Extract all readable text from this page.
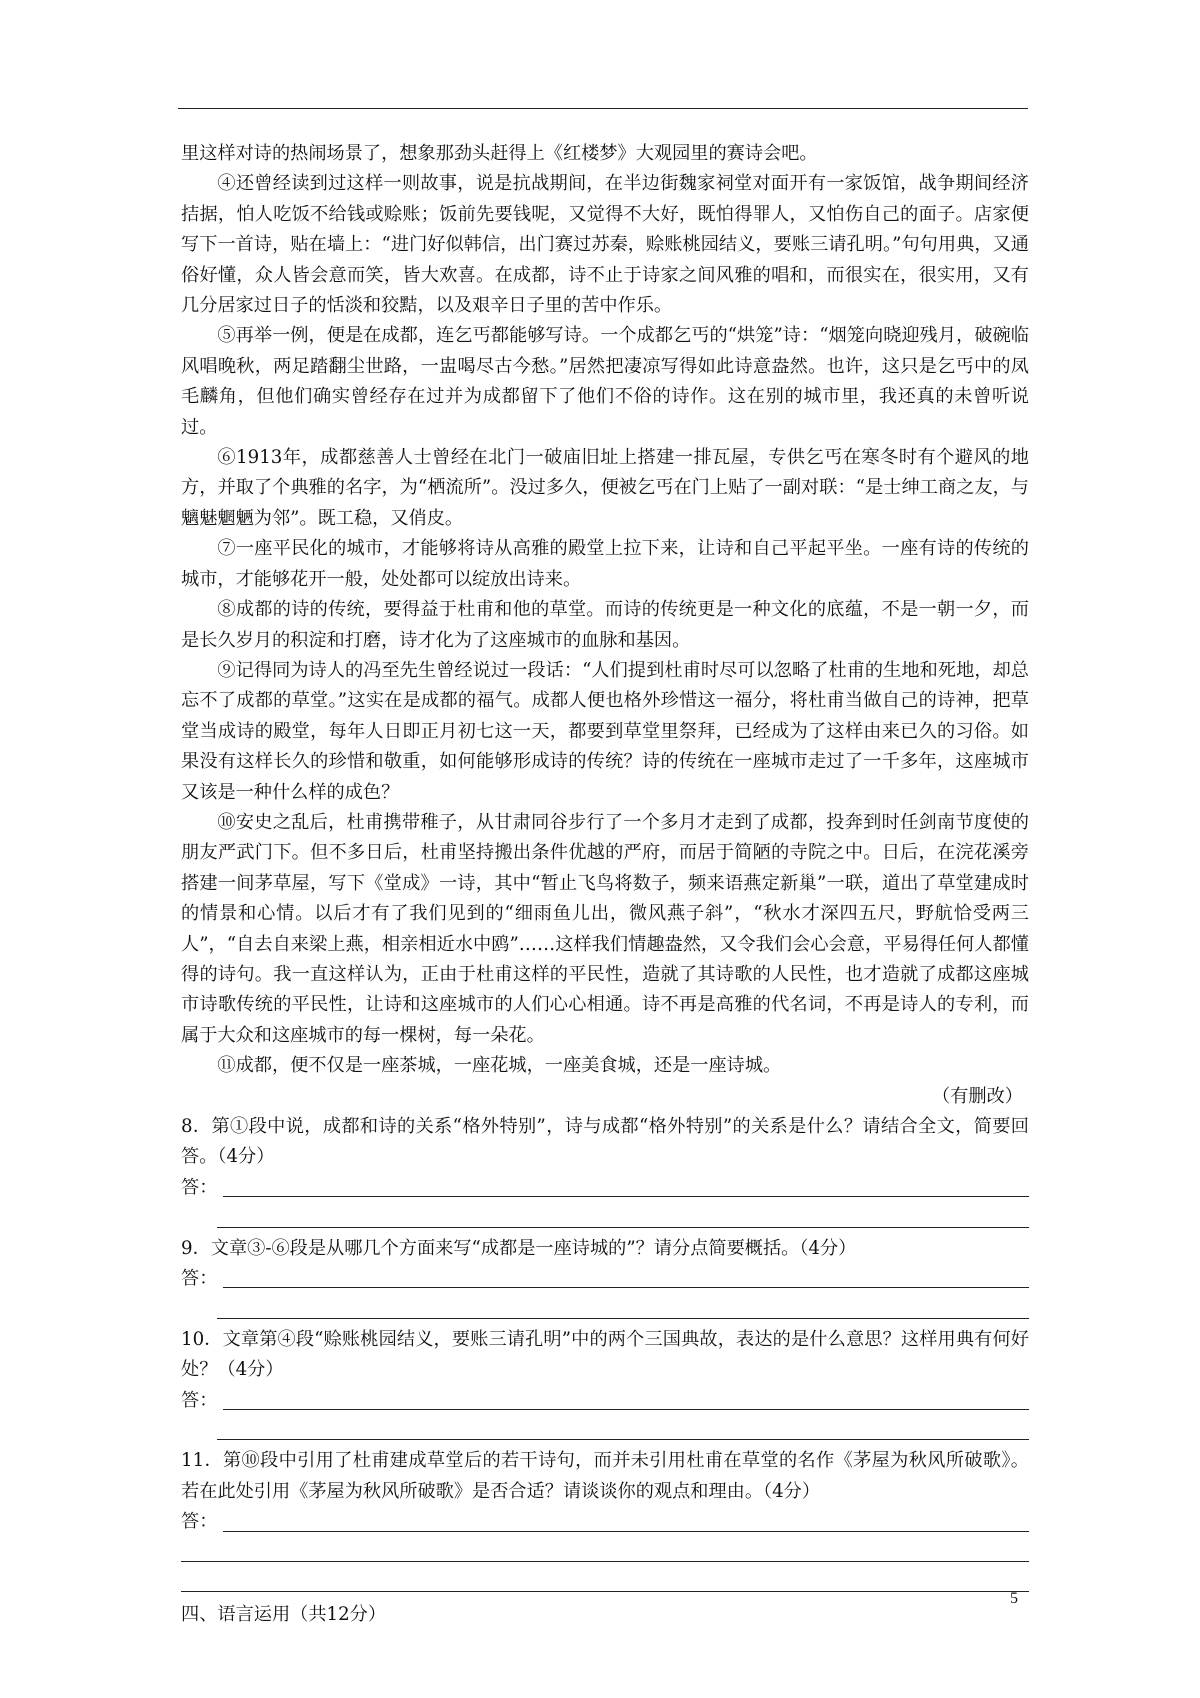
里这样对诗的热闹场景了，想象那劲头赶得上《红楼梦》大观园里的赛诗会吧。

④还曾经读到过这样一则故事，说是抗战期间，在半边街魏家祠堂对面开有一家饭馆，战争期间经济拮据，怕人吃饭不给钱或赊账；饭前先要钱呢，又觉得不大好，既怕得罪人，又怕伤自己的面子。店家便写下一首诗，贴在墙上：“进门好似韩信，出门赛过苏秦，赊账桃园结义，要账三请孔明。”句句用典，又通俗好懂，众人皆会意而笑，皆大欢喜。在成都，诗不止于诗家之间风雅的唱和，而很实在，很实用，又有几分居家过日子的恬淡和狡黠，以及艰辛日子里的苦中作乐。

⑤再举一例，便是在成都，连乞丐都能够写诗。一个成都乞丐的“烘笼”诗：“烟笼向晓迎残月，破碗临风唱晚秋，两足踏翻尘世路，一盅喝尽古今愁。”居然把凄凉写得如此诗意盎然。也许，这只是乞丐中的凤毛麟角，但他们确实曾经存在过并为成都留下了他们不俗的诗作。这在别的城市里，我还真的未曾听说过。

⑥1913年，成都慈善人士曾经在北门一破庙旧址上搭建一排瓦屋，专供乞丐在寒冬时有个避风的地方，并取了个典雅的名字，为“栖流所”。没过多久，便被乞丐在门上贴了一副对联：“是士绅工商之友，与魑魅魍魉为邻”。既工稳，又俏皮。

⑦一座平民化的城市，才能够将诗从高雅的殿堂上拉下来，让诗和自己平起平坐。一座有诗的传统的城市，才能够花开一般，处处都可以绽放出诗来。

⑧成都的诗的传统，要得益于杜甫和他的草堂。而诗的传统更是一种文化的底蕴，不是一朝一夕，而是长久岁月的积淀和打磨，诗才化为了这座城市的血脉和基因。

⑨记得同为诗人的冯至先生曾经说过一段话：“人们提到杜甫时尽可以忽略了杜甫的生地和死地，却总忘不了成都的草堂。”这实在是成都的福气。成都人便也格外珍惜这一福分，将杜甫当做自己的诗神，把草堂当成诗的殿堂，每年人日即正月初七这一天，都要到草堂里祭拜，已经成为了这样由来已久的习俗。如果没有这样长久的珍惜和敬重，如何能够形成诗的传统？诗的传统在一座城市走过了一千多年，这座城市又该是一种什么样的成色？

⑩安史之乱后，杜甫携带稚子，从甘肃同谷步行了一个多月才走到了成都，投奔到时任剑南节度使的朋友严武门下。但不多日后，杜甫坚持搬出条件优越的严府，而居于简陋的寺院之中。日后，在浣花溪旁搭建一间茅草屋，写下《堂成》一诗，其中“暂止飞鸟将数子，频来语燕定新巢”一联，道出了草堂建成时的情景和心情。以后才有了我们见到的“细雨鱼儿出，微风燕子斜”，“秋水才深四五尺，野航恰受两三人”，“自去自来梁上燕，相亲相近水中鸥”……这样我们情趣盎然，又令我们会心会意，平易得任何人都懂得的诗句。我一直这样认为，正由于杜甫这样的平民性，造就了其诗歌的人民性，也才造就了成都这座城市诗歌传统的平民性，让诗和这座城市的人们心心相通。诗不再是高雅的代名词，不再是诗人的专利，而属于大众和这座城市的每一棵树，每一朵花。

⑪成都，便不仅是一座茶城，一座花城，一座美食城，还是一座诗城。

（有删改）

8．第①段中说，成都和诗的关系“格外特别”，诗与成都“格外特别”的关系是什么？请结合全文，简要回答。（4分）

答：

9．文章③-⑥段是从哪几个方面来写“成都是一座诗城的”？请分点简要概括。（4分）

答：

10．文章第④段“赊账桃园结义，要账三请孔明”中的两个三国典故，表达的是什么意思？这样用典有何好处？（4分）

答：

11．第⑩段中引用了杜甫建成草堂后的若干诗句，而并未引用杜甫在草堂的名作《茅屋为秋风所破歌》。若在此处引用《茅屋为秋风所破歌》是否合适？请谈谈你的观点和理由。（4分）

答：

四、语言运用（共12分）

5
